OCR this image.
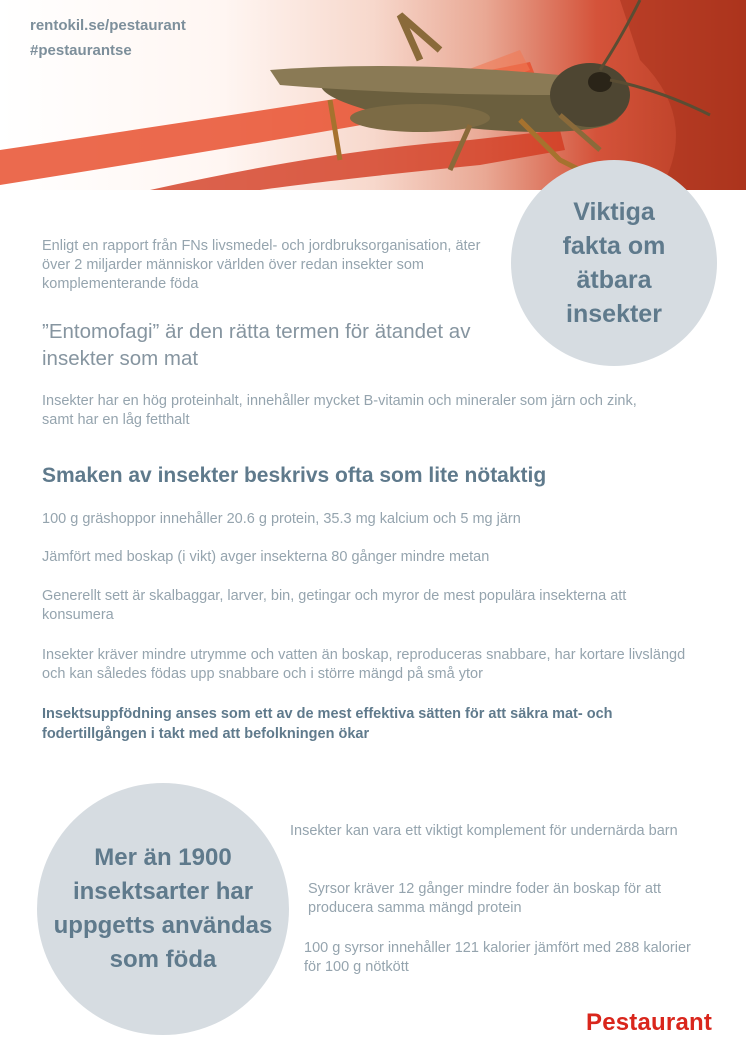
rentokil.se/pestaurant
#pestaurantse
Viktiga
fakta om
ätbara
insekter
Enligt en rapport från FNs livsmedel- och jordbruksorganisation, äter över 2 miljarder människor världen över redan insekter som komplementerande föda
”Entomofagi” är den rätta termen för ätandet av insekter som mat
Insekter har en hög proteinhalt, innehåller mycket B-vitamin och mineraler som järn och zink, samt har en låg fetthalt
Smaken av insekter beskrivs ofta som lite nötaktig
100 g gräshoppor innehåller 20.6 g protein, 35.3 mg kalcium och 5 mg järn
Jämfört med boskap (i vikt) avger insekterna 80 gånger mindre metan
Generellt sett är skalbaggar, larver, bin, getingar och myror de mest populära insekterna att konsumera
Insekter kräver mindre utrymme och vatten än boskap, reproduceras snabbare, har kortare livslängd och kan således födas upp snabbare och i större mängd på små ytor
Insektsuppfödning anses som ett av de mest effektiva sätten för att säkra mat- och fodertillgången i takt med att befolkningen ökar
Mer än 1900
insektsarter har
uppgetts användas
som föda
Insekter kan vara ett viktigt komplement för undernärda barn
Syrsor kräver 12 gånger mindre foder än boskap för att producera samma mängd protein
100 g syrsor innehåller 121 kalorier jämfört med 288 kalorier för 100 g nötkött
Pestaurant
